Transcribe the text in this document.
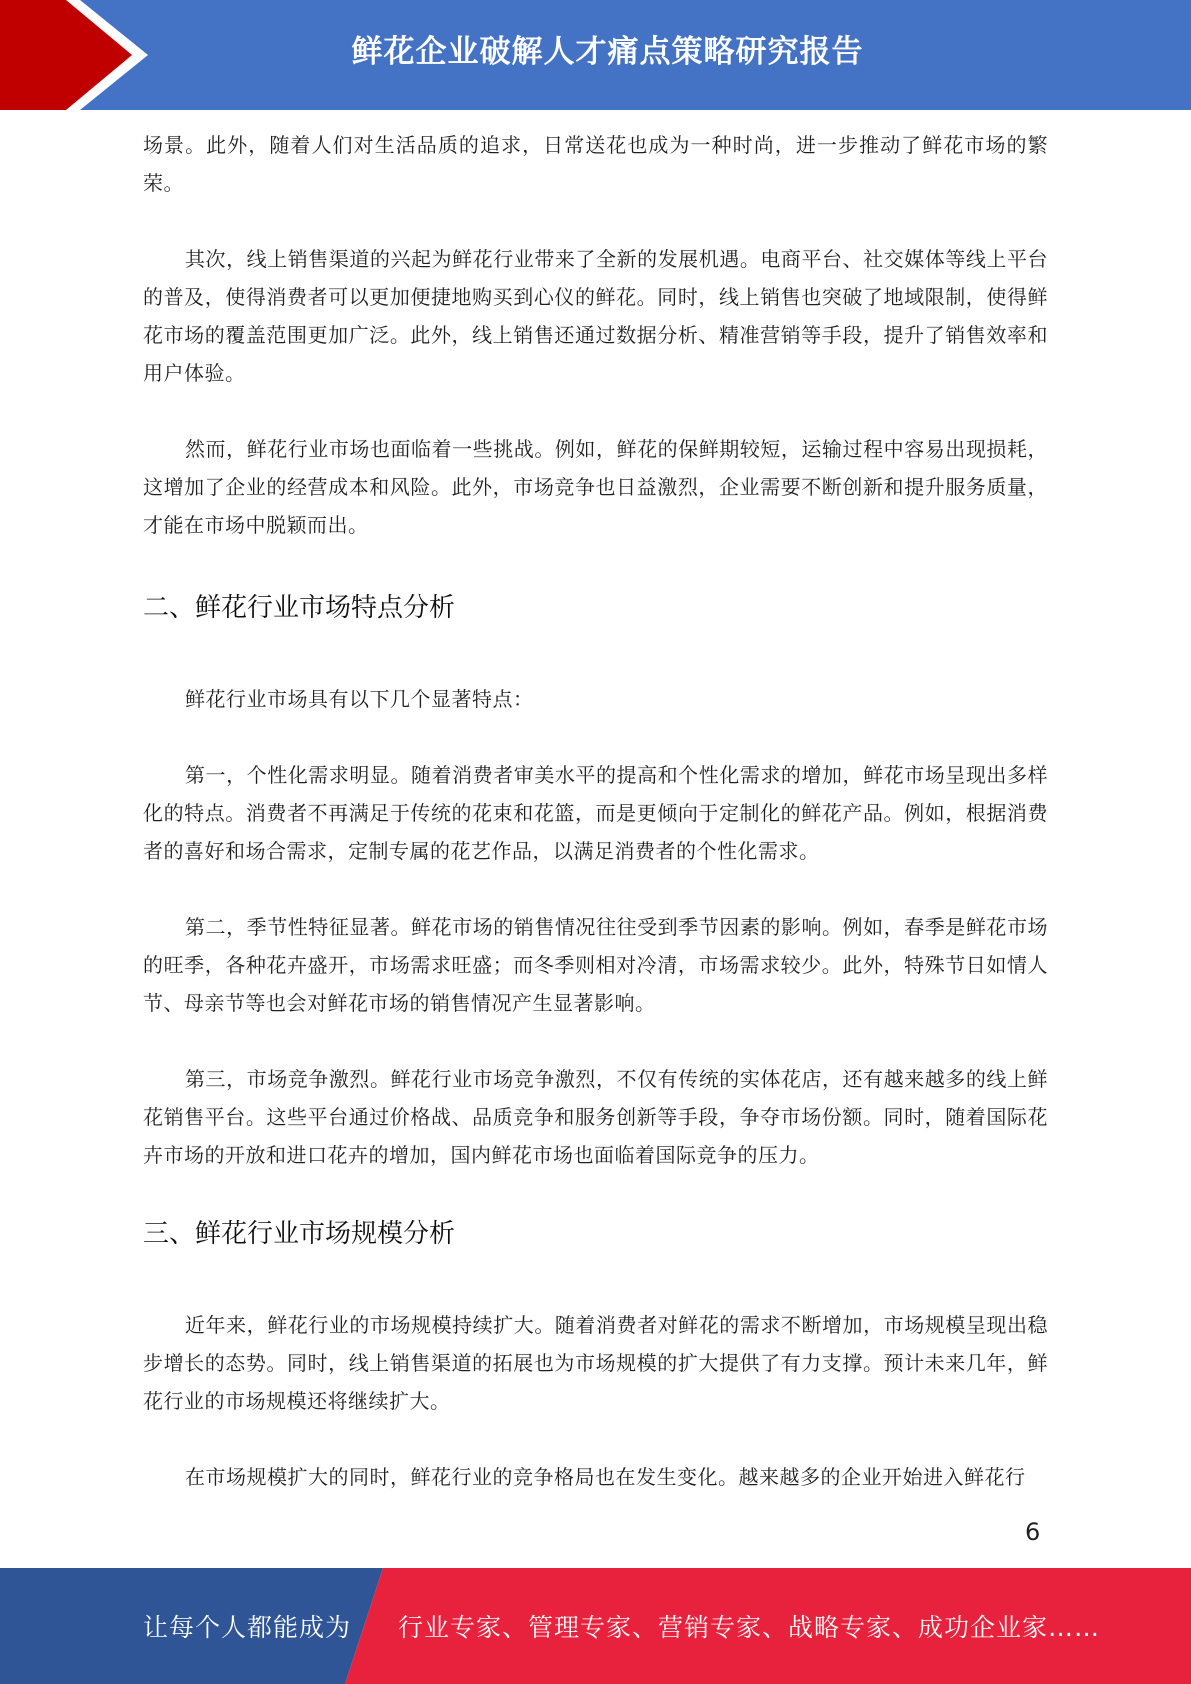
鲜花企业破解人才痛点策略研究报告

场景。此外，随着人们对生活品质的追求，日常送花也成为一种时尚，进一步推动了鲜花市场的繁荣。

其次，线上销售渠道的兴起为鲜花行业带来了全新的发展机遇。电商平台、社交媒体等线上平台的普及，使得消费者可以更加便捷地购买到心仪的鲜花。同时，线上销售也突破了地域限制，使得鲜花市场的覆盖范围更加广泛。此外，线上销售还通过数据分析、精准营销等手段，提升了销售效率和用户体验。

然而，鲜花行业市场也面临着一些挑战。例如，鲜花的保鲜期较短，运输过程中容易出现损耗，这增加了企业的经营成本和风险。此外，市场竞争也日益激烈，企业需要不断创新和提升服务质量，才能在市场中脱颖而出。

二、鲜花行业市场特点分析

鲜花行业市场具有以下几个显著特点：

第一，个性化需求明显。随着消费者审美水平的提高和个性化需求的增加，鲜花市场呈现出多样化的特点。消费者不再满足于传统的花束和花篮，而是更倾向于定制化的鲜花产品。例如，根据消费者的喜好和场合需求，定制专属的花艺作品，以满足消费者的个性化需求。

第二，季节性特征显著。鲜花市场的销售情况往往受到季节因素的影响。例如，春季是鲜花市场的旺季，各种花卉盛开，市场需求旺盛；而冬季则相对冷清，市场需求较少。此外，特殊节日如情人节、母亲节等也会对鲜花市场的销售情况产生显著影响。

第三，市场竞争激烈。鲜花行业市场竞争激烈，不仅有传统的实体花店，还有越来越多的线上鲜花销售平台。这些平台通过价格战、品质竞争和服务创新等手段，争夺市场份额。同时，随着国际花卉市场的开放和进口花卉的增加，国内鲜花市场也面临着国际竞争的压力。

三、鲜花行业市场规模分析

近年来，鲜花行业的市场规模持续扩大。随着消费者对鲜花的需求不断增加，市场规模呈现出稳步增长的态势。同时，线上销售渠道的拓展也为市场规模的扩大提供了有力支撑。预计未来几年，鲜花行业的市场规模还将继续扩大。

在市场规模扩大的同时，鲜花行业的竞争格局也在发生变化。越来越多的企业开始进入鲜花行

6
让每个人都能成为 行业专家、管理专家、营销专家、战略专家、成功企业家……
